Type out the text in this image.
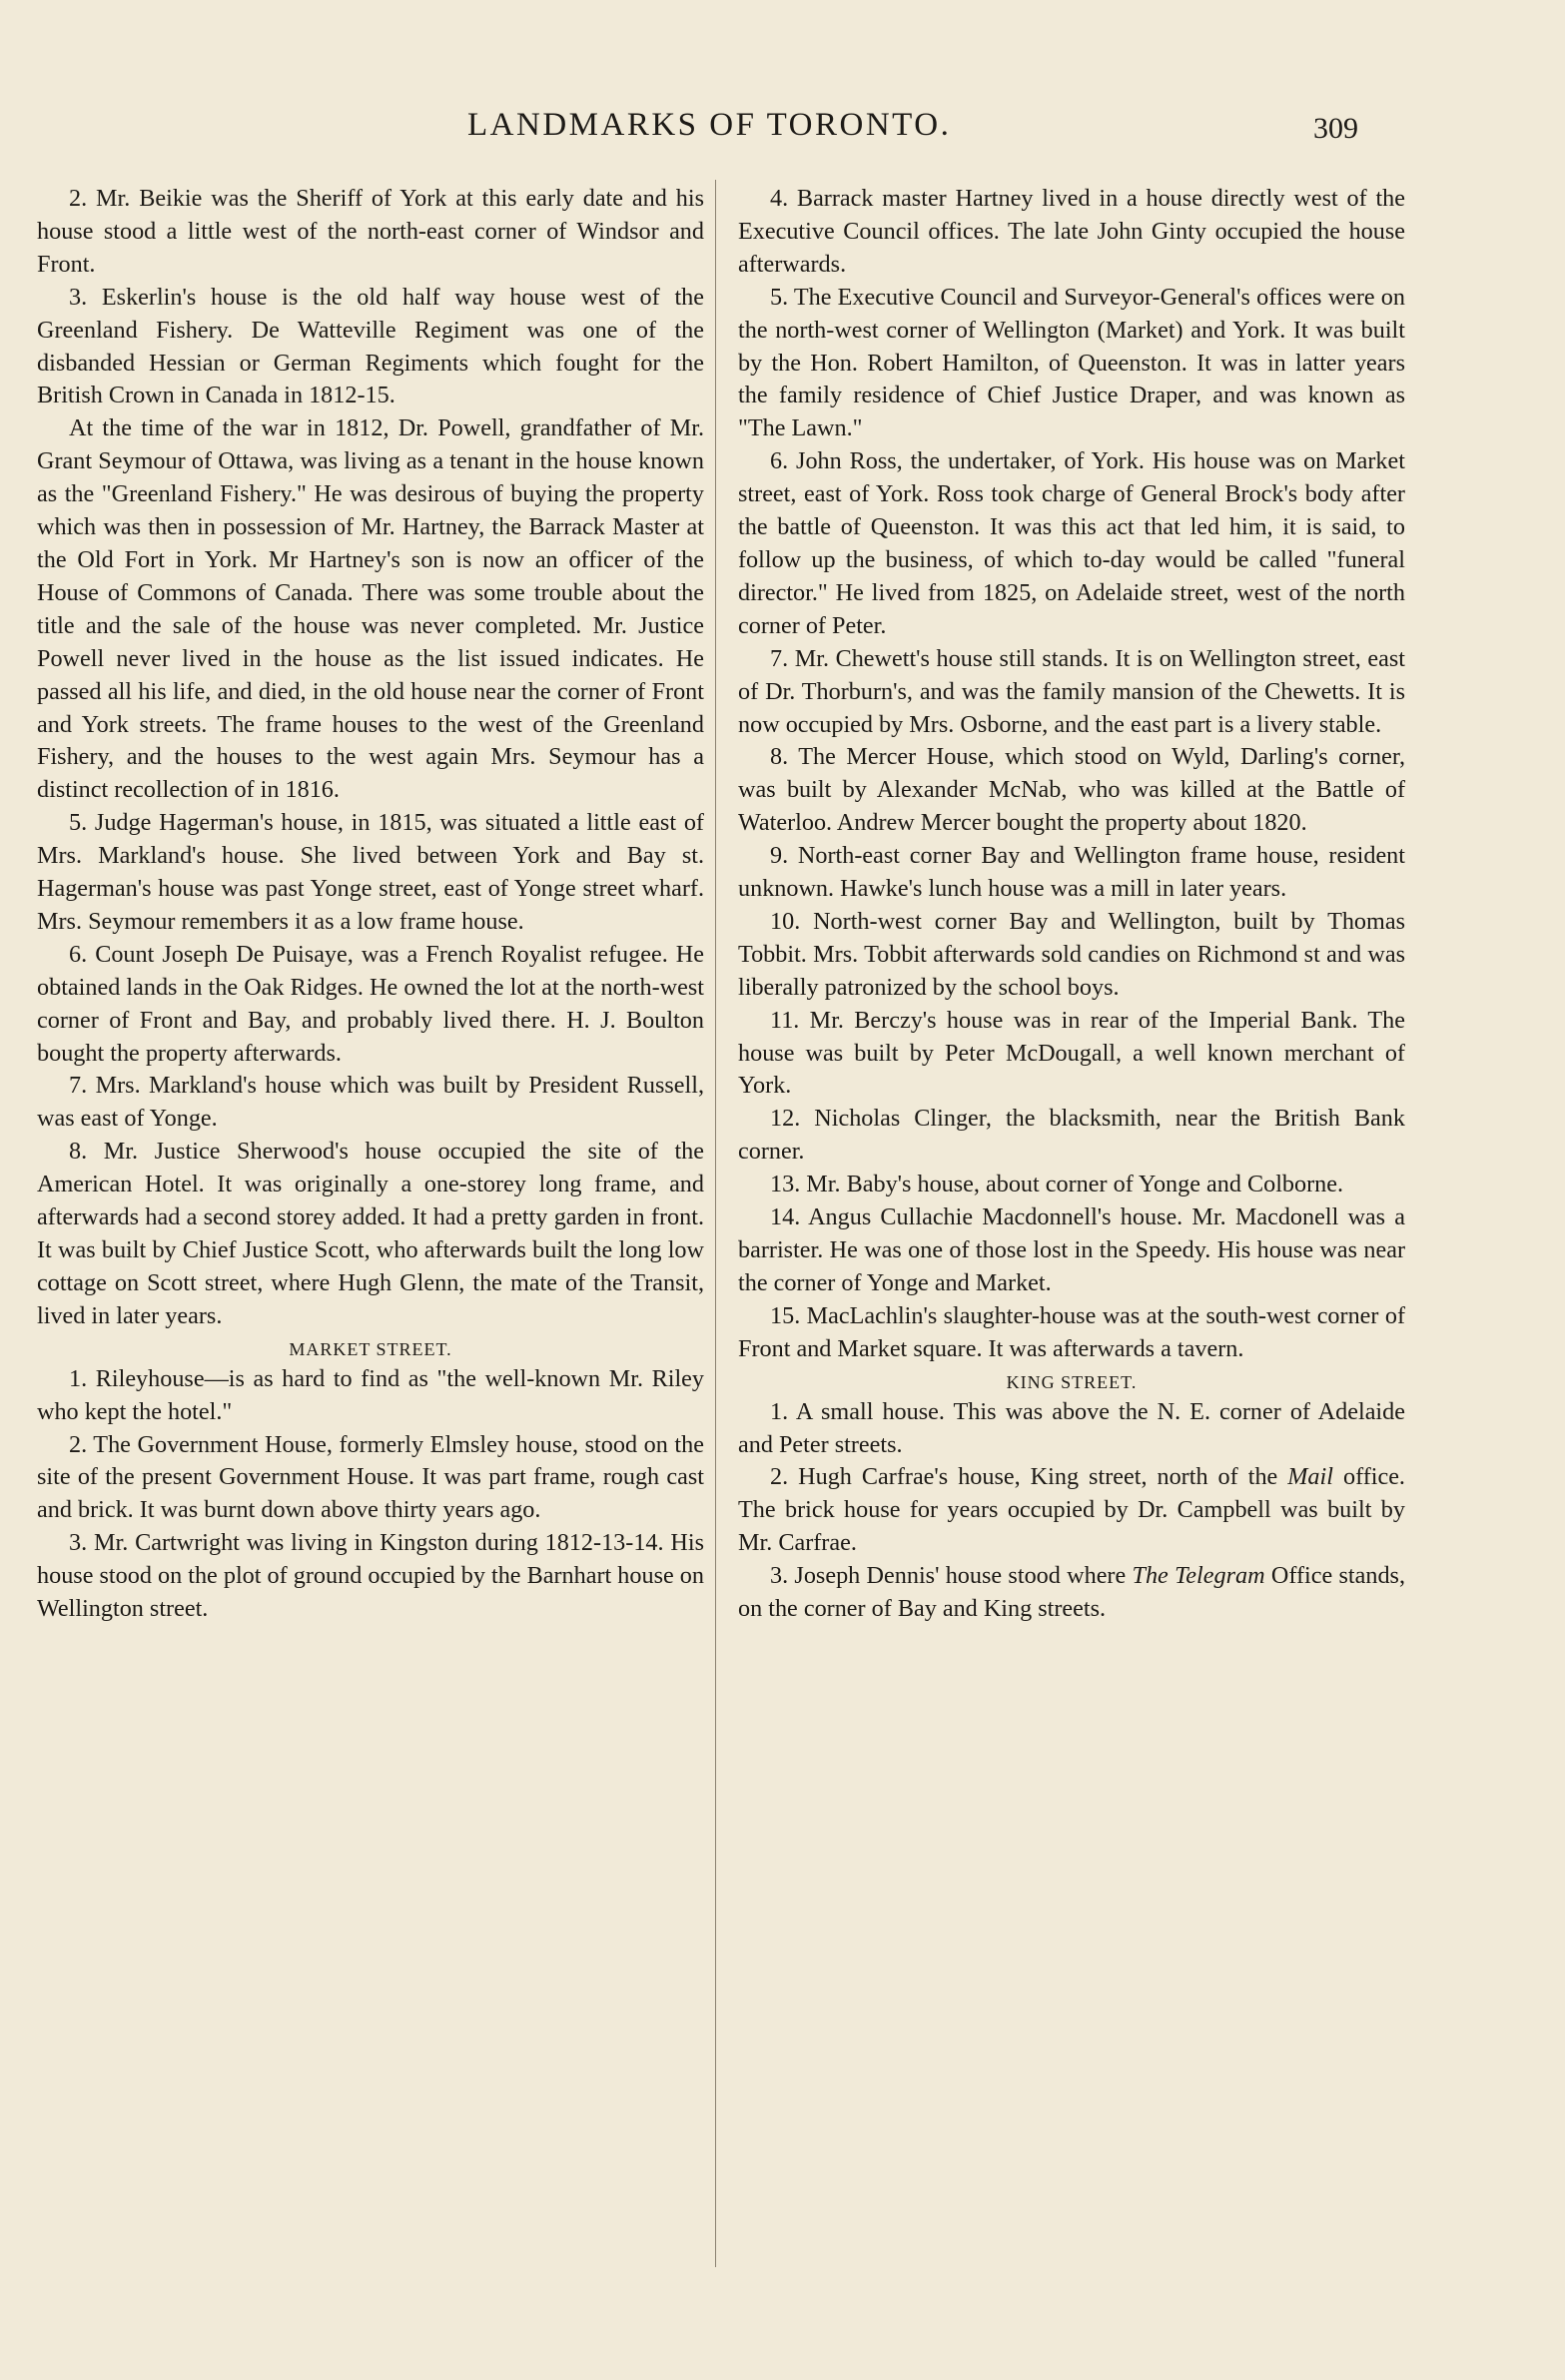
LANDMARKS OF TORONTO.	309

2. Mr. Beikie was the Sheriff of York at this early date and his house stood a little west of the north-east corner of Windsor and Front.

3. Eskerlin's house is the old half way house west of the Greenland Fishery. De Watteville Regiment was one of the disbanded Hessian or German Regiments which fought for the British Crown in Canada in 1812-15.

At the time of the war in 1812, Dr. Powell, grandfather of Mr. Grant Seymour of Ottawa, was living as a tenant in the house known as the "Greenland Fishery." He was desirous of buying the property which was then in possession of Mr. Hartney, the Barrack Master at the Old Fort in York. Mr Hartney's son is now an officer of the House of Commons of Canada. There was some trouble about the title and the sale of the house was never completed. Mr. Justice Powell never lived in the house as the list issued indicates. He passed all his life, and died, in the old house near the corner of Front and York streets. The frame houses to the west of the Greenland Fishery, and the houses to the west again Mrs. Seymour has a distinct recollection of in 1816.

5. Judge Hagerman's house, in 1815, was situated a little east of Mrs. Markland's house. She lived between York and Bay st. Hagerman's house was past Yonge street, east of Yonge street wharf. Mrs. Seymour remembers it as a low frame house.

6. Count Joseph De Puisaye, was a French Royalist refugee. He obtained lands in the Oak Ridges. He owned the lot at the north-west corner of Front and Bay, and probably lived there. H. J. Boulton bought the property afterwards.

7. Mrs. Markland's house which was built by President Russell, was east of Yonge.

8. Mr. Justice Sherwood's house occupied the site of the American Hotel. It was originally a one-storey long frame, and afterwards had a second storey added. It had a pretty garden in front. It was built by Chief Justice Scott, who afterwards built the long low cottage on Scott street, where Hugh Glenn, the mate of the Transit, lived in later years.

MARKET STREET.

1. Rileyhouse—is as hard to find as "the well-known Mr. Riley who kept the hotel."

2. The Government House, formerly Elmsley house, stood on the site of the present Government House. It was part frame, rough cast and brick. It was burnt down above thirty years ago.

3. Mr. Cartwright was living in Kingston during 1812-13-14. His house stood on the plot of ground occupied by the Barnhart house on Wellington street.

4. Barrack master Hartney lived in a house directly west of the Executive Council offices. The late John Ginty occupied the house afterwards.

5. The Executive Council and Surveyor-General's offices were on the north-west corner of Wellington (Market) and York. It was built by the Hon. Robert Hamilton, of Queenston. It was in latter years the family residence of Chief Justice Draper, and was known as "The Lawn."

6. John Ross, the undertaker, of York. His house was on Market street, east of York. Ross took charge of General Brock's body after the battle of Queenston. It was this act that led him, it is said, to follow up the business, of which to-day would be called "funeral director." He lived from 1825, on Adelaide street, west of the north corner of Peter.

7. Mr. Chewett's house still stands. It is on Wellington street, east of Dr. Thorburn's, and was the family mansion of the Chewetts. It is now occupied by Mrs. Osborne, and the east part is a livery stable.

8. The Mercer House, which stood on Wyld, Darling's corner, was built by Alexander McNab, who was killed at the Battle of Waterloo. Andrew Mercer bought the property about 1820.

9. North-east corner Bay and Wellington frame house, resident unknown. Hawke's lunch house was a mill in later years.

10. North-west corner Bay and Wellington, built by Thomas Tobbit. Mrs. Tobbit afterwards sold candies on Richmond st and was liberally patronized by the school boys.

11. Mr. Berczy's house was in rear of the Imperial Bank. The house was built by Peter McDougall, a well known merchant of York.

12. Nicholas Clinger, the blacksmith, near the British Bank corner.

13. Mr. Baby's house, about corner of Yonge and Colborne.

14. Angus Cullachie Macdonnell's house. Mr. Macdonell was a barrister. He was one of those lost in the Speedy. His house was near the corner of Yonge and Market.

15. MacLachlin's slaughter-house was at the south-west corner of Front and Market square. It was afterwards a tavern.

KING STREET.

1. A small house. This was above the N. E. corner of Adelaide and Peter streets.

2. Hugh Carfrae's house, King street, north of the Mail office. The brick house for years occupied by Dr. Campbell was built by Mr. Carfrae.

3. Joseph Dennis' house stood where The Telegram Office stands, on the corner of Bay and King streets.
